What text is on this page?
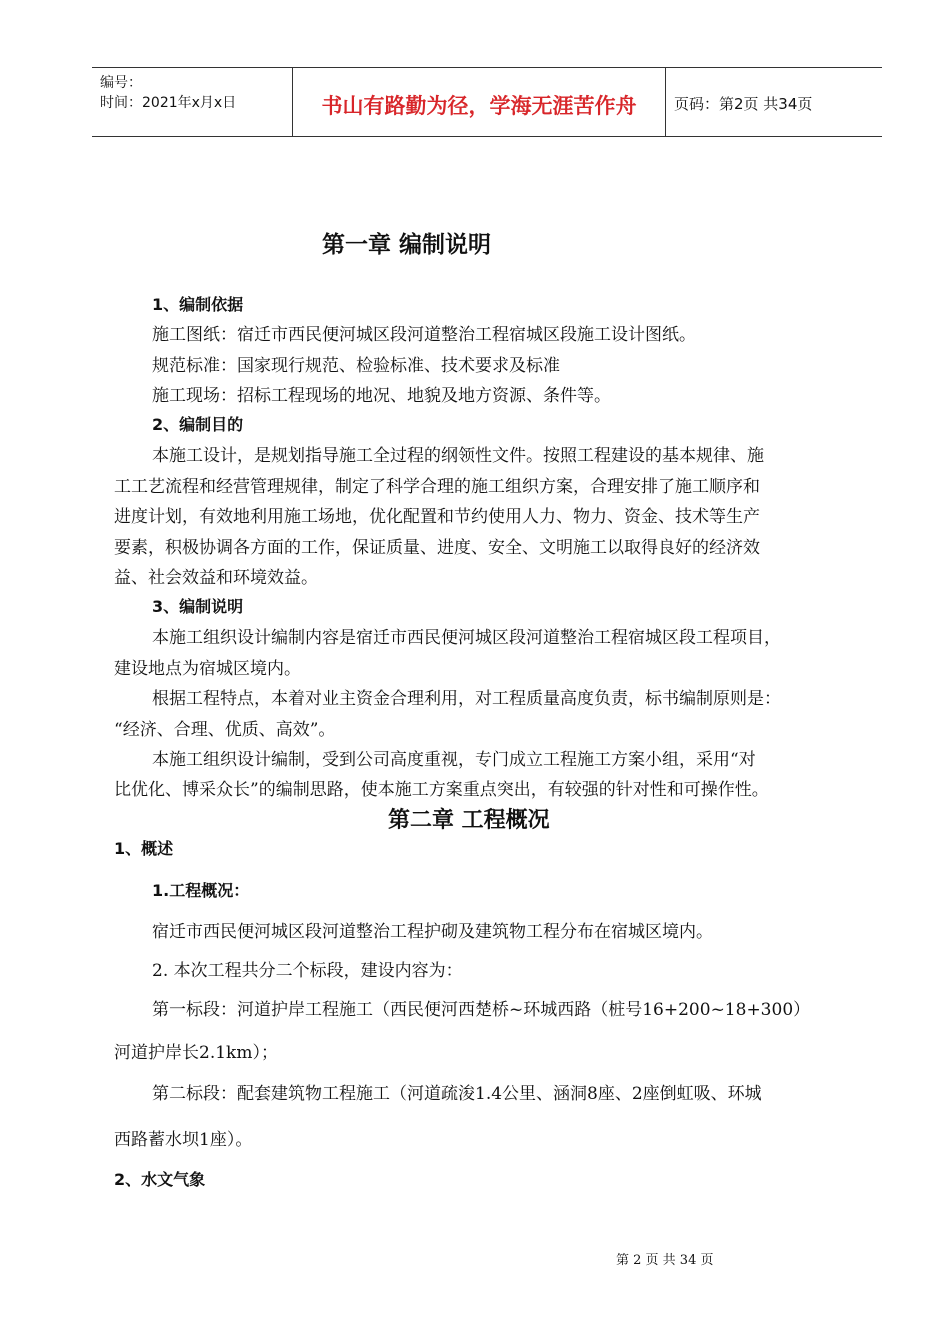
编号：
时间：2021年x月x日	书山有路勤为径，学海无涯苦作舟	页码：第2页 共34页
第一章 编制说明
1、编制依据
施工图纸：宿迁市西民便河城区段河道整治工程宿城区段施工设计图纸。
规范标准：国家现行规范、检验标准、技术要求及标准
施工现场：招标工程现场的地况、地貌及地方资源、条件等。
2、编制目的
本施工设计，是规划指导施工全过程的纲领性文件。按照工程建设的基本规律、施
工工艺流程和经营管理规律，制定了科学合理的施工组织方案，合理安排了施工顺序和
进度计划，有效地利用施工场地，优化配置和节约使用人力、物力、资金、技术等生产
要素，积极协调各方面的工作，保证质量、进度、安全、文明施工以取得良好的经济效
益、社会效益和环境效益。
3、编制说明
本施工组织设计编制内容是宿迁市西民便河城区段河道整治工程宿城区段工程项目，
建设地点为宿城区境内。
根据工程特点，本着对业主资金合理利用，对工程质量高度负责，标书编制原则是：
“经济、合理、优质、高效”。
本施工组织设计编制，受到公司高度重视，专门成立工程施工方案小组，采用“对
比优化、博采众长”的编制思路，使本施工方案重点突出，有较强的针对性和可操作性。
第二章 工程概况
1、概述
1.工程概况：
宿迁市西民便河城区段河道整治工程护砌及建筑物工程分布在宿城区境内。
2. 本次工程共分二个标段，建设内容为：
第一标段：河道护岸工程施工（西民便河西楚桥~环城西路（桩号16+200~18+300）
河道护岸长2.1km）；
第二标段：配套建筑物工程施工（河道疏浚1.4公里、涵洞8座、2座倒虹吸、环城
西路蓄水坝1座）。
2、水文气象
第 2 页 共 34 页
